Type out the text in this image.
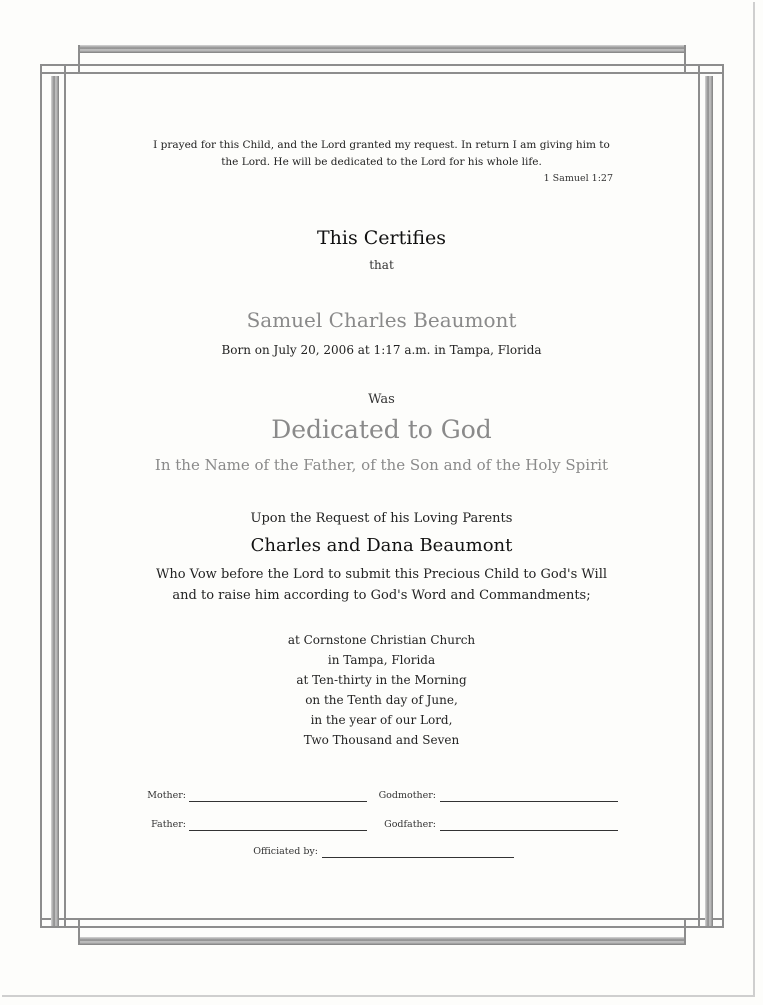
I prayed for this Child, and the Lord granted my request. In return I am giving him to
the Lord. He will be dedicated to the Lord for his whole life.
1 Samuel 1:27
This Certifies
that
Samuel Charles Beaumont
Born on July 20, 2006 at 1:17 a.m. in Tampa, Florida
Was
Dedicated to God
In the Name of the Father, of the Son and of the Holy Spirit
Upon the Request of his Loving Parents
Charles and Dana Beaumont
Who Vow before the Lord to submit this Precious Child to God's Will
and to raise him according to God's Word and Commandments;
at Cornstone Christian Church
in Tampa, Florida
at Ten-thirty in the Morning
on the Tenth day of June,
in the year of our Lord,
Two Thousand and Seven
Mother:	Godmother:
Father:	Godfather:
Officiated by:
